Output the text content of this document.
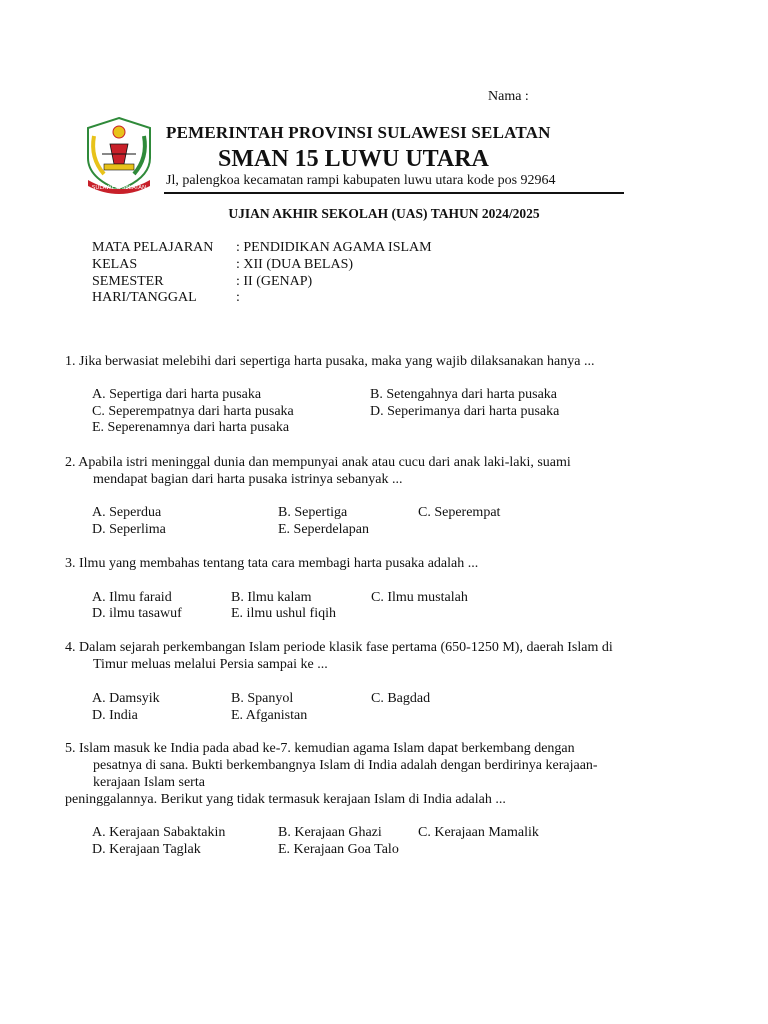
Nama :
SULAWESI SELATAN
PEMERINTAH PROVINSI SULAWESI SELATAN
SMAN 15 LUWU UTARA
Jl, palengkoa kecamatan rampi kabupaten luwu utara kode pos 92964
UJIAN AKHIR SEKOLAH (UAS) TAHUN 2024/2025
MATA PELAJARAN : PENDIDIKAN AGAMA ISLAM
KELAS	: XII (DUA BELAS)
SEMESTER	: II (GENAP)
HARI/TANGGAL	:
1. Jika berwasiat melebihi dari sepertiga harta pusaka, maka yang wajib dilaksanakan hanya ...
A. Sepertiga dari harta pusaka	B. Setengahnya dari harta pusaka
C. Seperempatnya dari harta pusaka	D. Seperimanya dari harta pusaka
E. Seperenamnya dari harta pusaka
2. Apabila istri meninggal dunia dan mempunyai anak atau cucu dari anak laki-laki, suami
mendapat bagian dari harta pusaka istrinya sebanyak ...
A. Seperdua	B. Sepertiga	C. Seperempat
D. Seperlima	E. Seperdelapan
3. Ilmu yang membahas tentang tata cara membagi harta pusaka adalah ...
A. Ilmu faraid	B. Ilmu kalam	C. Ilmu mustalah
D. ilmu tasawuf	E. ilmu ushul fiqih
4. Dalam sejarah perkembangan Islam periode klasik fase pertama (650-1250 M), daerah Islam di
Timur meluas melalui Persia sampai ke ...
A. Damsyik	B. Spanyol	C. Bagdad
D. India	E. Afganistan
5. Islam masuk ke India pada abad ke-7. kemudian agama Islam dapat berkembang dengan
pesatnya di sana. Bukti berkembangnya Islam di India adalah dengan berdirinya kerajaan-
kerajaan Islam serta
peninggalannya. Berikut yang tidak termasuk kerajaan Islam di India adalah ...
A. Kerajaan Sabaktakin	B. Kerajaan Ghazi	C. Kerajaan Mamalik
D. Kerajaan Taglak	E. Kerajaan Goa Talo
